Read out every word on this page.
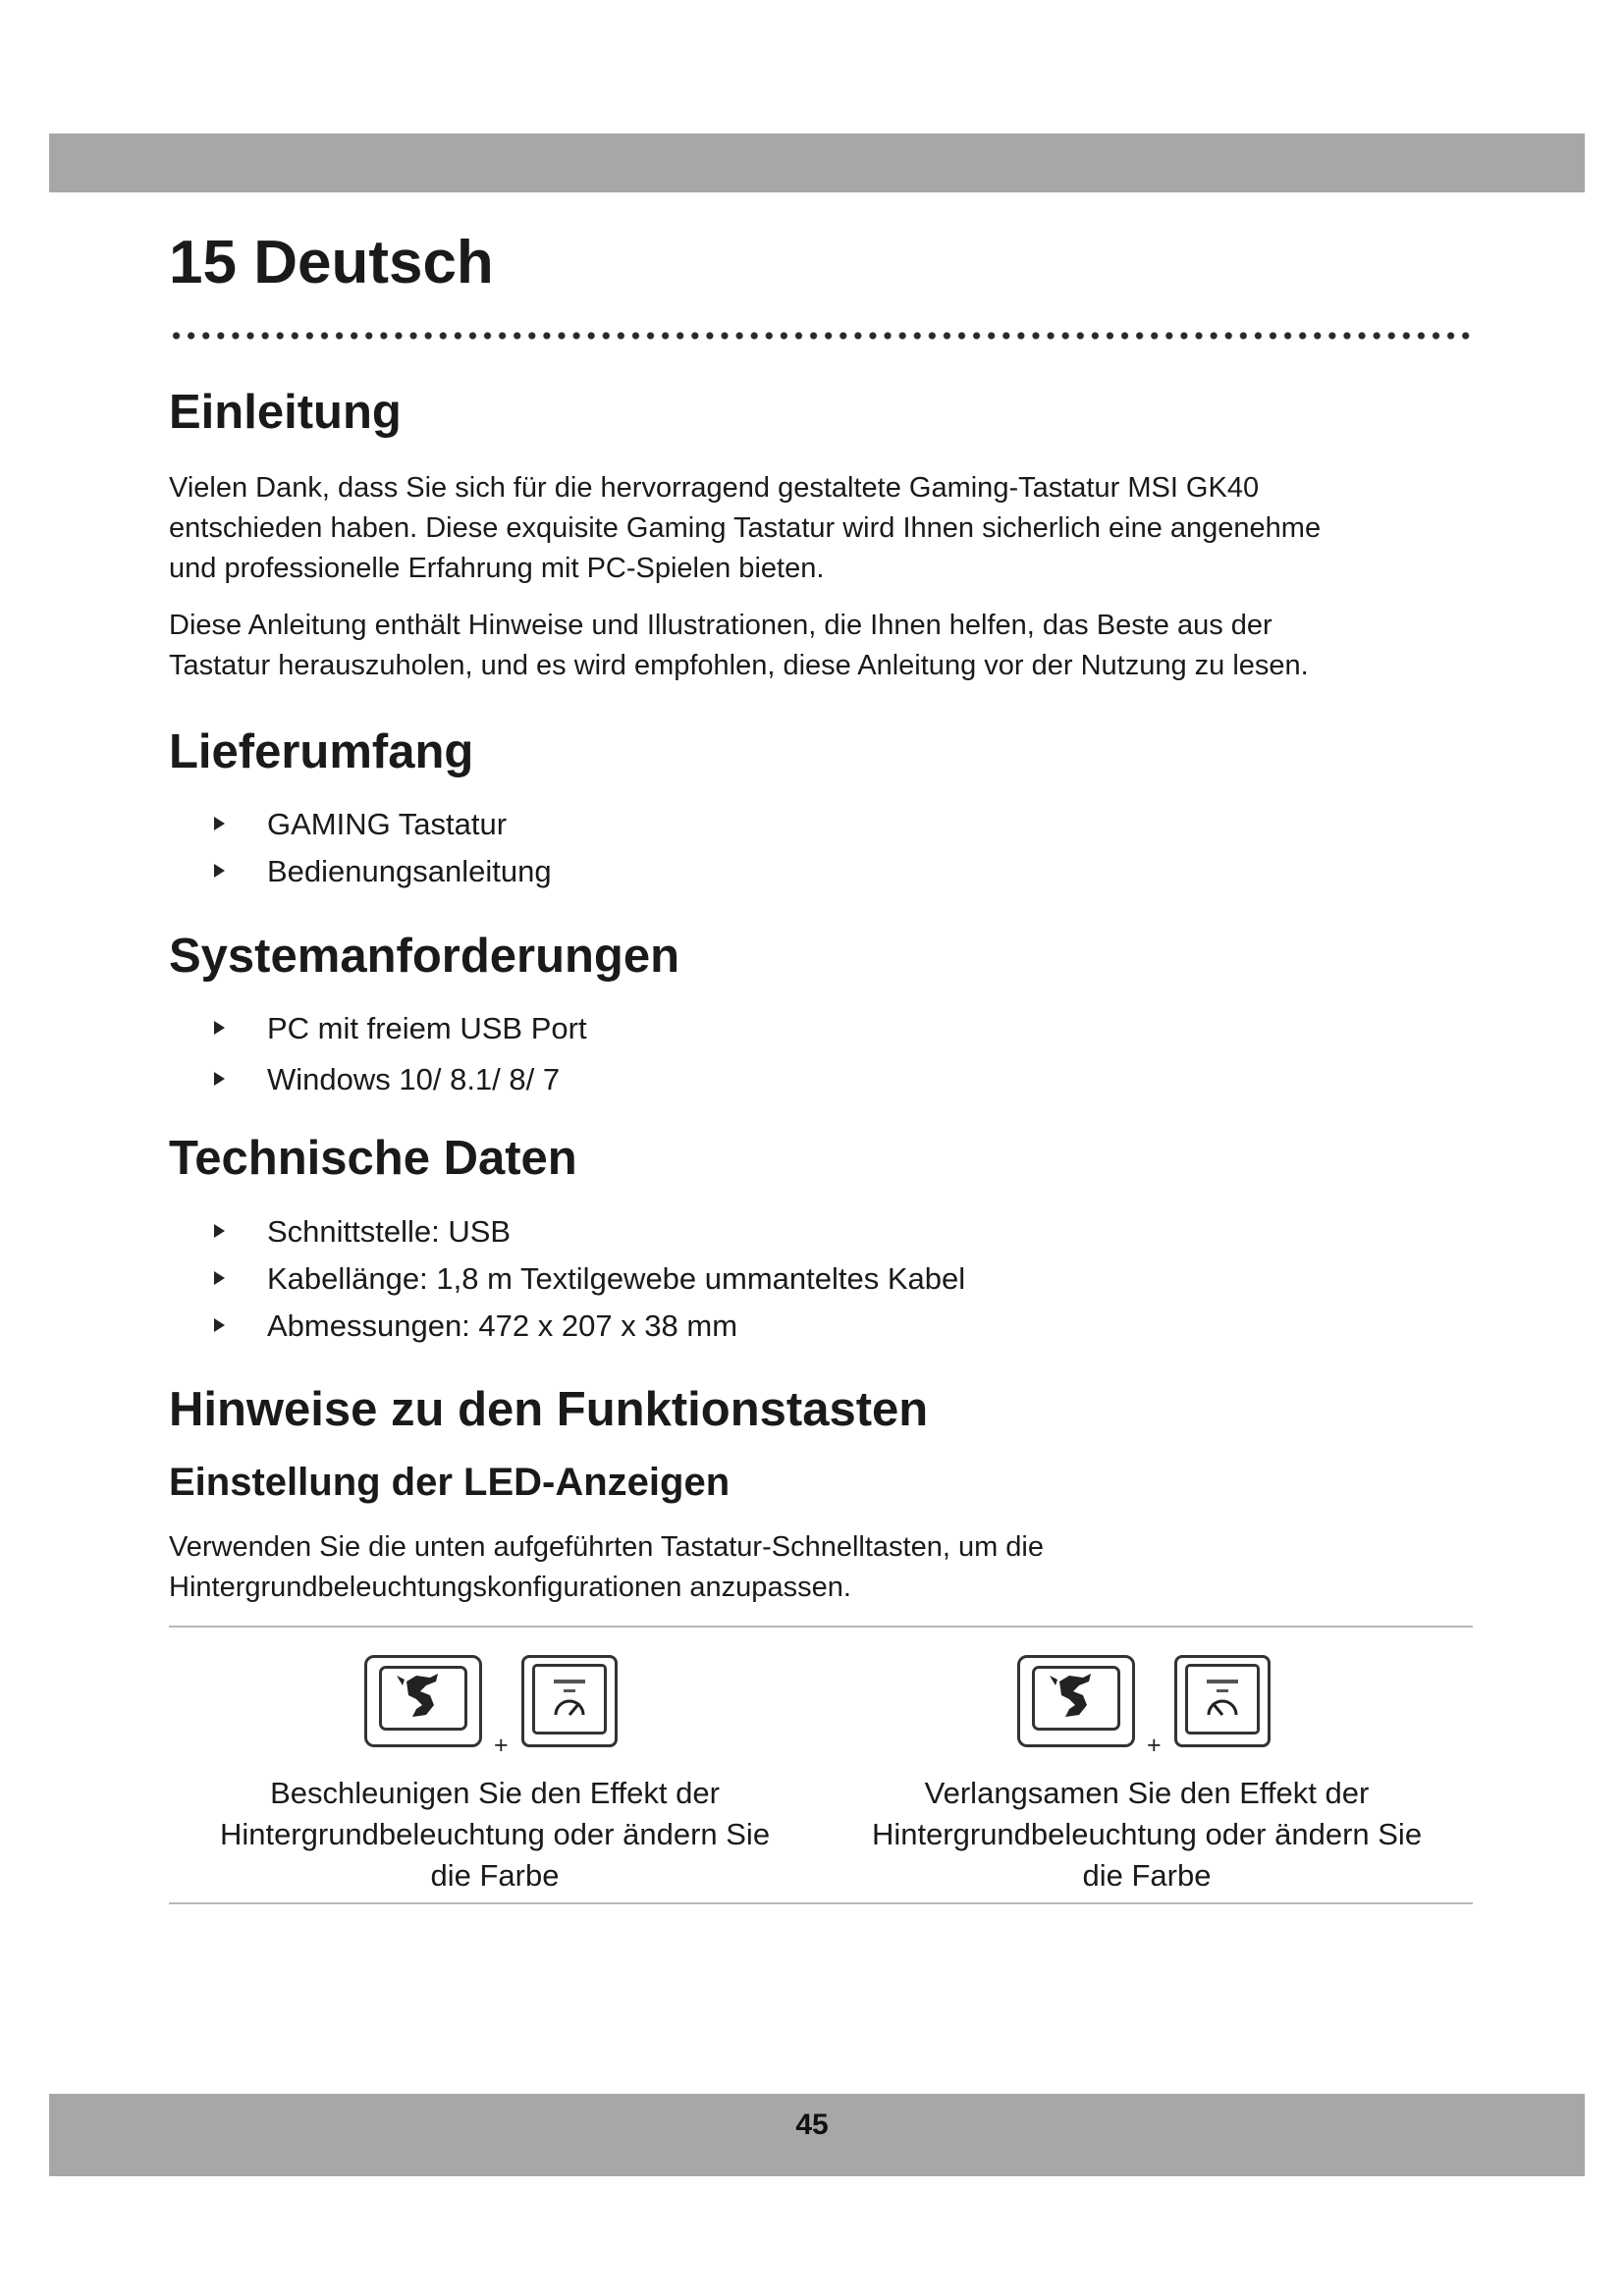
15 Deutsch
Einleitung

Vielen Dank, dass Sie sich für die hervorragend gestaltete Gaming-Tastatur MSI GK40
entschieden haben. Diese exquisite Gaming Tastatur wird Ihnen sicherlich eine angenehme
und professionelle Erfahrung mit PC-Spielen bieten.

Diese Anleitung enthält Hinweise und Illustrationen, die Ihnen helfen, das Beste aus der
Tastatur herauszuholen, und es wird empfohlen, diese Anleitung vor der Nutzung zu lesen.

Lieferumfang
GAMING Tastatur
Bedienungsanleitung
Systemanforderungen
PC mit freiem USB Port
Windows 10/ 8.1/ 8/ 7
Technische Daten
Schnittstelle: USB
Kabellänge: 1,8 m Textilgewebe ummanteltes Kabel
Abmessungen: 472 x 207 x 38 mm
Hinweise zu den Funktionstasten
Einstellung der LED-Anzeigen

Verwenden Sie die unten aufgeführten Tastatur-Schnelltasten, um die
Hintergrundbeleuchtungskonfigurationen anzupassen.

+
Beschleunigen Sie den Effekt der
Hintergrundbeleuchtung oder ändern Sie
die Farbe
+
Verlangsamen Sie den Effekt der
Hintergrundbeleuchtung oder ändern Sie
die Farbe
45
